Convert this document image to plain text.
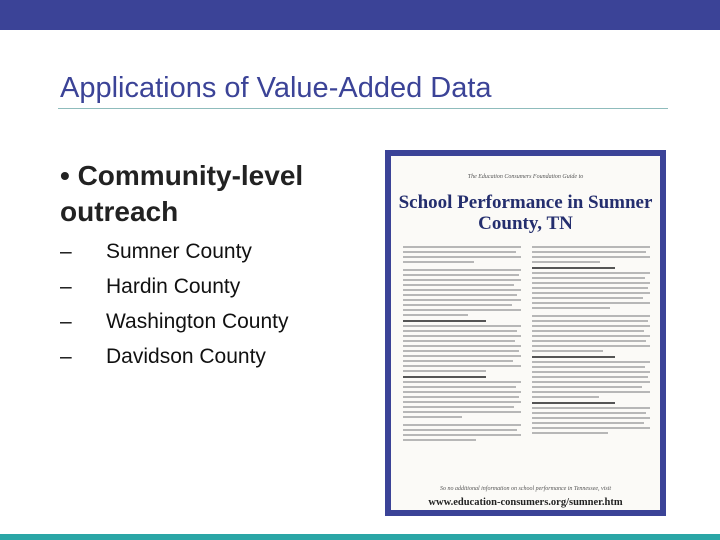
Applications of Value-Added Data
• Community-level outreach
– Sumner County
– Hardin County
– Washington County
– Davidson County
The Education Consumers Foundation Guide to
School Performance in Sumner County, TN
So no additional information on school performance in Tennessee, visit
www.education-consumers.org/sumner.htm
